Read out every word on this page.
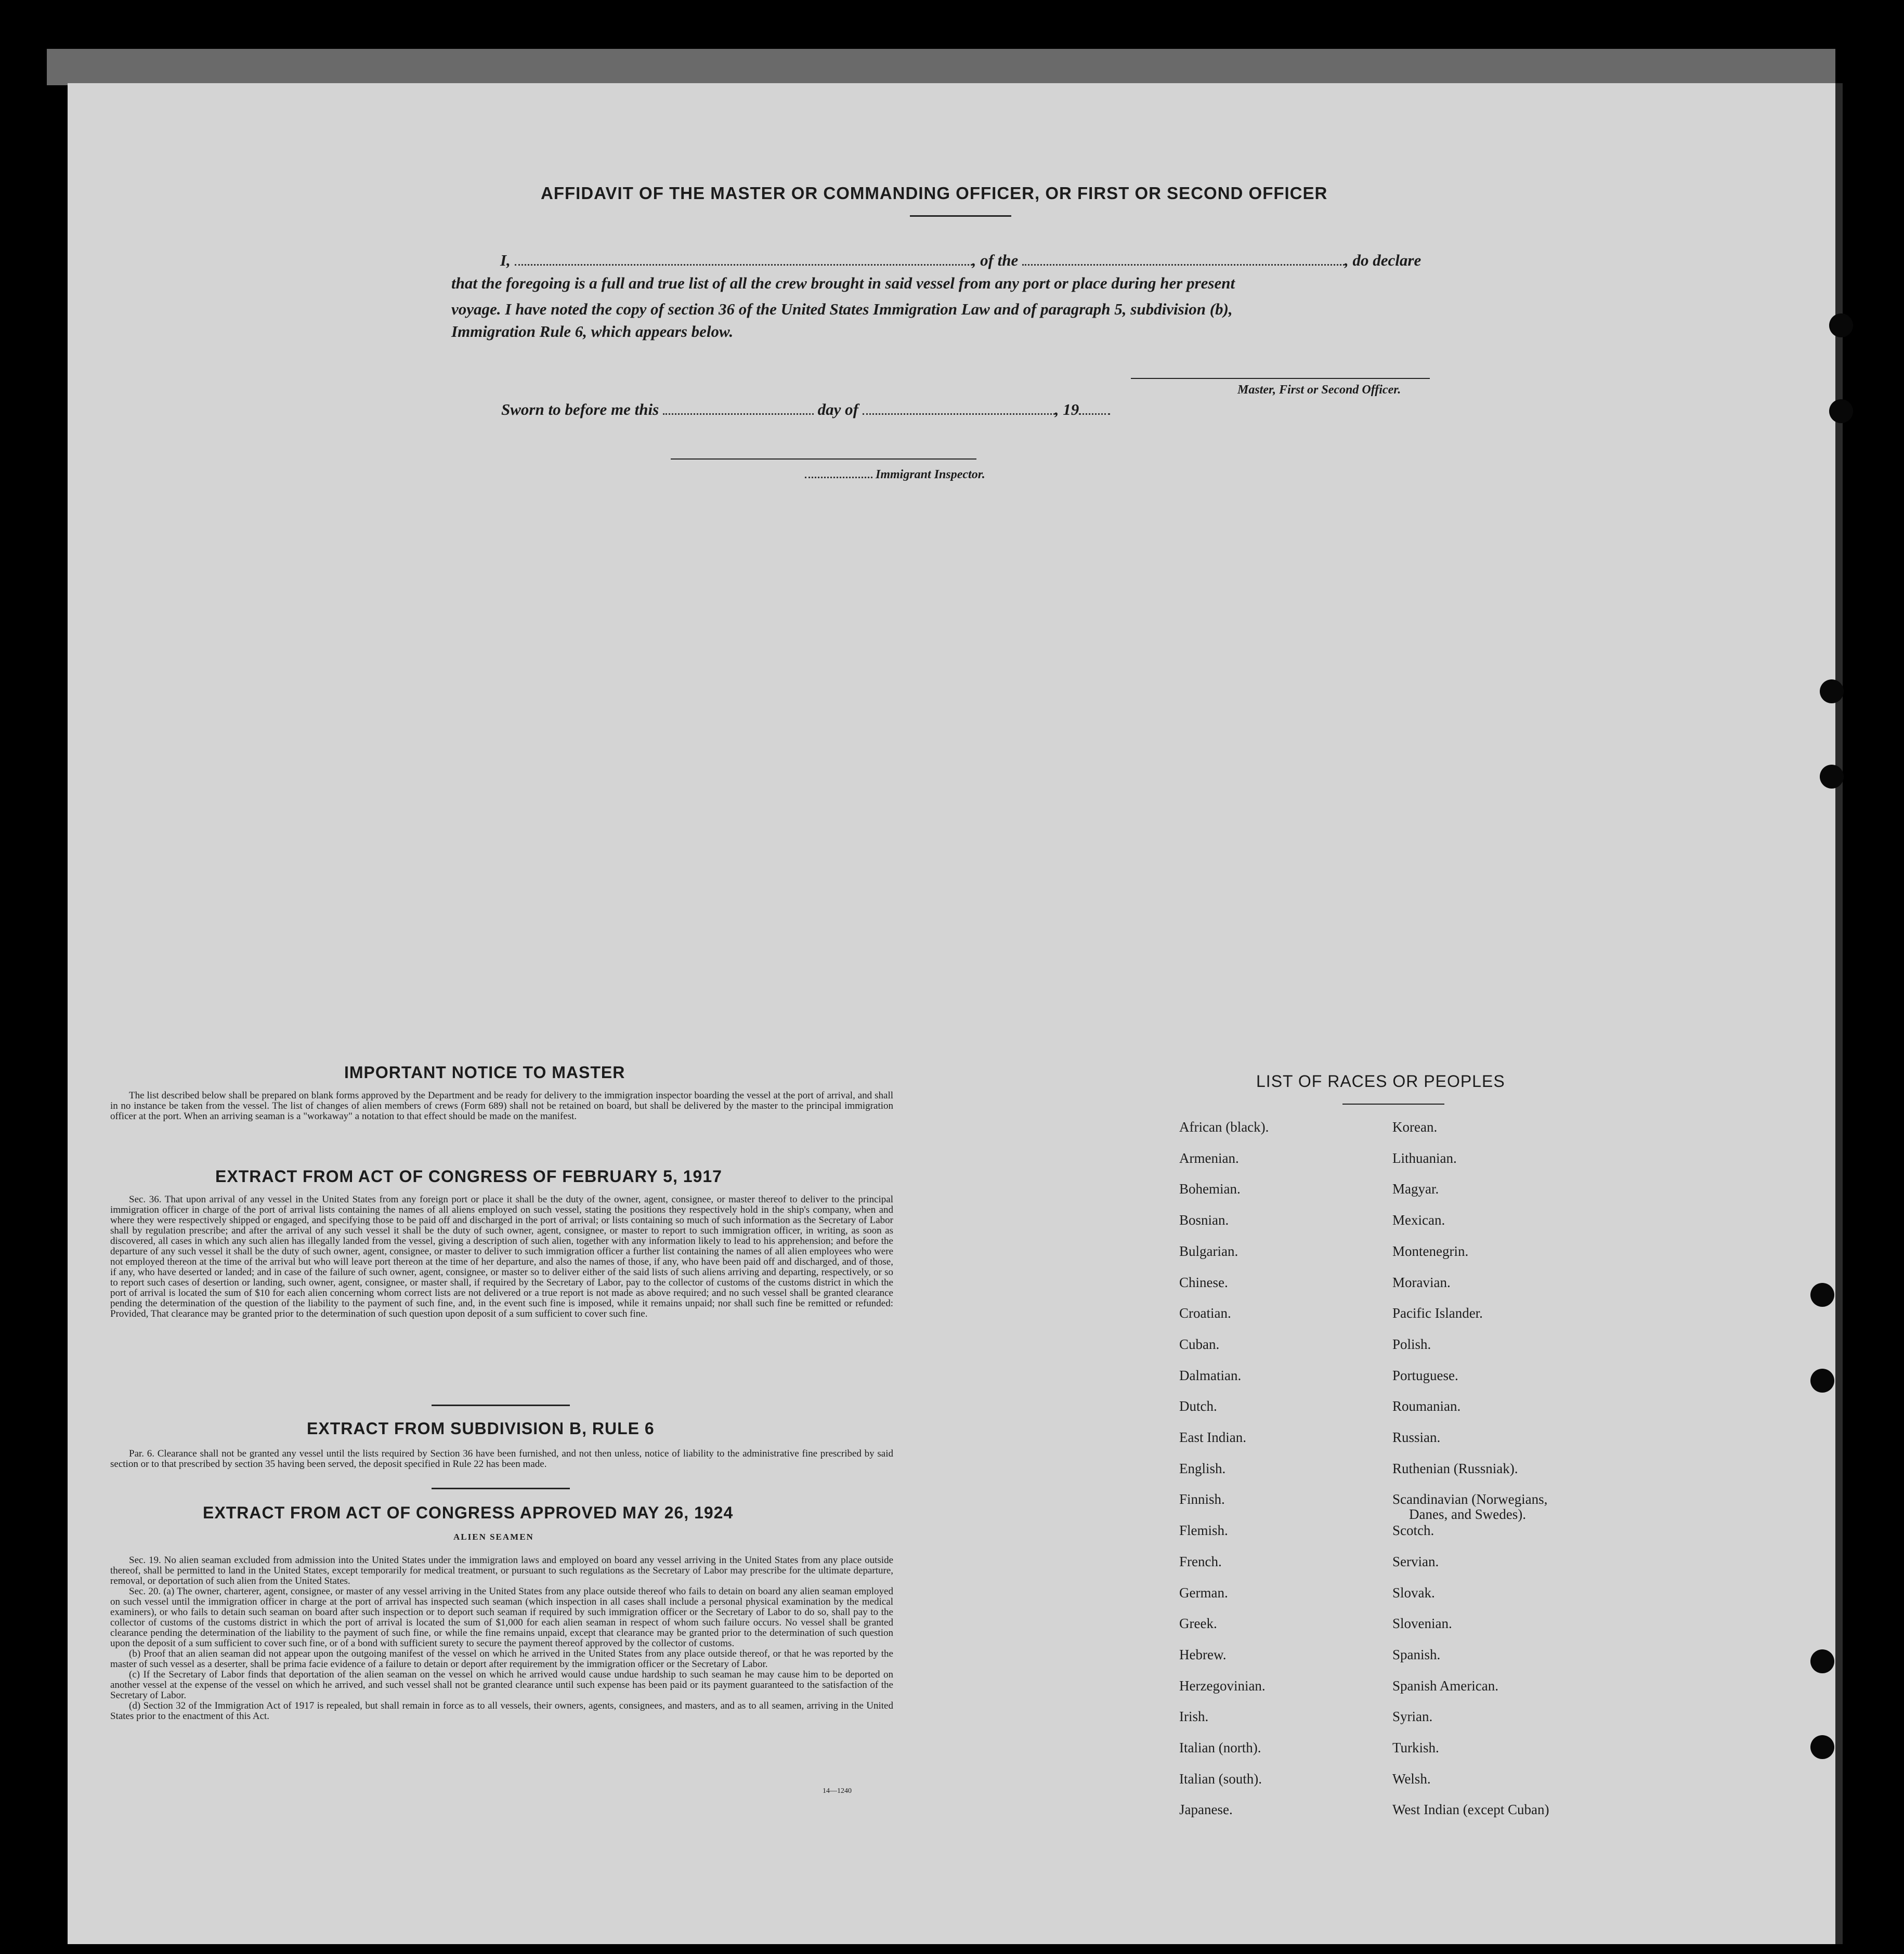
AFFIDAVIT OF THE MASTER OR COMMANDING OFFICER, OR FIRST OR SECOND OFFICER
I,	, of the	, do declare
that the foregoing is a full and true list of all the crew brought in said vessel from any port or place during her present
voyage. I have noted the copy of section 36 of the United States Immigration Law and of paragraph 5, subdivision (b),
Immigration Rule 6, which appears below.
Master, First or Second Officer.
Sworn to before me this	day of	, 19
Immigrant Inspector.
IMPORTANT NOTICE TO MASTER

The list described below shall be prepared on blank forms approved by the Department and be ready for delivery to the immigration inspector boarding the vessel at the port of arrival, and shall in no instance be taken from the vessel. The list of changes of alien members of crews (Form 689) shall not be retained on board, but shall be delivered by the master to the principal immigration officer at the port. When an arriving seaman is a "workaway" a notation to that effect should be made on the manifest.

EXTRACT FROM ACT OF CONGRESS OF FEBRUARY 5, 1917

Sec. 36. That upon arrival of any vessel in the United States from any foreign port or place it shall be the duty of the owner, agent, consignee, or master thereof to deliver to the principal immigration officer in charge of the port of arrival lists containing the names of all aliens employed on such vessel, stating the positions they respectively hold in the ship's company, when and where they were respectively shipped or engaged, and specifying those to be paid off and discharged in the port of arrival; or lists containing so much of such information as the Secretary of Labor shall by regulation prescribe; and after the arrival of any such vessel it shall be the duty of such owner, agent, consignee, or master to report to such immigration officer, in writing, as soon as discovered, all cases in which any such alien has illegally landed from the vessel, giving a description of such alien, together with any information likely to lead to his apprehension; and before the departure of any such vessel it shall be the duty of such owner, agent, consignee, or master to deliver to such immigration officer a further list containing the names of all alien employees who were not employed thereon at the time of the arrival but who will leave port thereon at the time of her departure, and also the names of those, if any, who have been paid off and discharged, and of those, if any, who have deserted or landed; and in case of the failure of such owner, agent, consignee, or master so to deliver either of the said lists of such aliens arriving and departing, respectively, or so to report such cases of desertion or landing, such owner, agent, consignee, or master shall, if required by the Secretary of Labor, pay to the collector of customs of the customs district in which the port of arrival is located the sum of $10 for each alien concerning whom correct lists are not delivered or a true report is not made as above required; and no such vessel shall be granted clearance pending the determination of the question of the liability to the payment of such fine, and, in the event such fine is imposed, while it remains unpaid; nor shall such fine be remitted or refunded: Provided, That clearance may be granted prior to the determination of such question upon deposit of a sum sufficient to cover such fine.

EXTRACT FROM SUBDIVISION B, RULE 6

Par. 6. Clearance shall not be granted any vessel until the lists required by Section 36 have been furnished, and not then unless, notice of liability to the administrative fine prescribed by said section or to that prescribed by section 35 having been served, the deposit specified in Rule 22 has been made.

EXTRACT FROM ACT OF CONGRESS APPROVED MAY 26, 1924
ALIEN SEAMEN

Sec. 19. No alien seaman excluded from admission into the United States under the immigration laws and employed on board any vessel arriving in the United States from any place outside thereof, shall be permitted to land in the United States, except temporarily for medical treatment, or pursuant to such regulations as the Secretary of Labor may prescribe for the ultimate departure, removal, or deportation of such alien from the United States.

Sec. 20. (a) The owner, charterer, agent, consignee, or master of any vessel arriving in the United States from any place outside thereof who fails to detain on board any alien seaman employed on such vessel until the immigration officer in charge at the port of arrival has inspected such seaman (which inspection in all cases shall include a personal physical examination by the medical examiners), or who fails to detain such seaman on board after such inspection or to deport such seaman if required by such immigration officer or the Secretary of Labor to do so, shall pay to the collector of customs of the customs district in which the port of arrival is located the sum of $1,000 for each alien seaman in respect of whom such failure occurs. No vessel shall be granted clearance pending the determination of the liability to the payment of such fine, or while the fine remains unpaid, except that clearance may be granted prior to the determination of such question upon the deposit of a sum sufficient to cover such fine, or of a bond with sufficient surety to secure the payment thereof approved by the collector of customs.

(b) Proof that an alien seaman did not appear upon the outgoing manifest of the vessel on which he arrived in the United States from any place outside thereof, or that he was reported by the master of such vessel as a deserter, shall be prima facie evidence of a failure to detain or deport after requirement by the immigration officer or the Secretary of Labor.

(c) If the Secretary of Labor finds that deportation of the alien seaman on the vessel on which he arrived would cause undue hardship to such seaman he may cause him to be deported on another vessel at the expense of the vessel on which he arrived, and such vessel shall not be granted clearance until such expense has been paid or its payment guaranteed to the satisfaction of the Secretary of Labor.

(d) Section 32 of the Immigration Act of 1917 is repealed, but shall remain in force as to all vessels, their owners, agents, consignees, and masters, and as to all seamen, arriving in the United States prior to the enactment of this Act.

14—1240
LIST OF RACES OR PEOPLES
African (black).
Armenian.
Bohemian.
Bosnian.
Bulgarian.
Chinese.
Croatian.
Cuban.
Dalmatian.
Dutch.
East Indian.
English.
Finnish.
Flemish.
French.
German.
Greek.
Hebrew.
Herzegovinian.
Irish.
Italian (north).
Italian (south).
Japanese.
Korean.
Lithuanian.
Magyar.
Mexican.
Montenegrin.
Moravian.
Pacific Islander.
Polish.
Portuguese.
Roumanian.
Russian.
Ruthenian (Russniak).
Scandinavian (Norwegians,
Danes, and Swedes).
Scotch.
Servian.
Slovak.
Slovenian.
Spanish.
Spanish American.
Syrian.
Turkish.
Welsh.
West Indian (except Cuban)
